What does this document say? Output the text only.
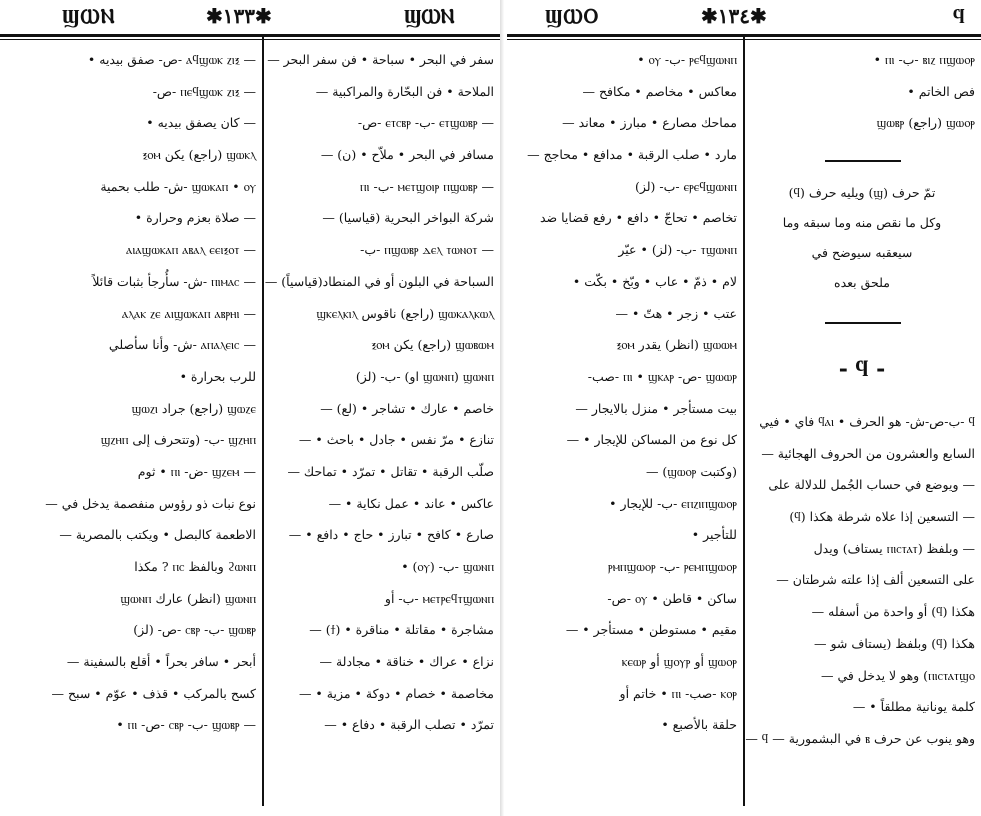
ϢⲰⲚ	✱١٣٣✱	ϢⲰⲚ
سفر في البحر • سباحة • فن سفر البحر —
الملاحة • فن البحّارة والمراكبية —
— ⲉⲧϣⲱⲃⲣ -ب- ⲉⲧⲥⲃⲣ -ص-
مسافر في البحر • ملاّح • (ن) —
— ⲙⲉⲧϣⲟⲓⲣ ⲡϣⲱⲃⲣ -ب- ⲡⲓ
شركة البواخر البحرية (قياسيا) —
— ⲡϣⲱⲃⲣ ⲇⲉⲗ ⲧⲱⲛⲟⲧ -ب-
السباحة في البلون أو في المنطاد(قياسياً) —
ϣⲱⲕⲁⲗⲕⲱⲗ (راجع) ناقوس ϣⲕⲉⲗⲕⲓⲗ
ϣⲱⲃⲱⲙ (راجع) يكن ⲝⲟⲙ
ϣⲱⲛⲡ (ϣⲱⲛⲡ او) -ب- (لز)
خاصم • عارك • تشاجر • (لع) —
تنازع • مرّ نفس • جادل • باحث • —
صلّب الرقبة • تقاتل • تمرّد • تماحك —
عاكس • عاند • عمل نكاية • —
صارع • كافح • تبارز • حاج • دافع • —
ϣⲱⲛⲡ -ب- (ⲟⲩ) •
ⲙⲉⲧⲣⲉϥⲧϣⲱⲛⲡ -ب- أو
مشاجرة • مقاتلة • مناقرة • (ϯ) —
نزاع • عراك • خناقة • مجادلة —
مخاصمة • خصام • دوكة • مزية • —
تمرّد • تصلب الرقبة • دفاع • —
— ⲁϥϣⲱⲕ ⲍⲓⲝ -ص- صفق بيديه •
— ⲡⲉϥϣⲱⲕ ⲍⲓⲝ -ص-
— كان يصفق بيديه •
ϣⲱⲕⲗ (راجع) يكن ⲝⲟⲙ
ϣⲱⲕⲁⲡ • ⲟⲩ -ش- طلب بحمية
— صلاة بعزم وحرارة •
— ⲁⲓⲁϣⲱⲕⲁⲡ ⲁⲃⲁⲗ ⲉⲉⲓⲝⲟⲧ
— ⲡⲓⲙⲁⲥ -ش- سأُرجأ بثبات قائلاً
— ⲁⲗⲁⲕ ⲍⲉ ⲁⲓϣⲱⲕⲁⲡ ⲁⲃⲣⲏⲓ
— ⲁⲡⲁⲗⲉⲓⲥ -ش- وأنا سأصلي
للرب بحرارة •
ϣⲱⲍⲉ (راجع) جراد ϣⲱⲍⲓ
ϣⲍⲏⲡ -ب- (وتتحرف إلى ϣⲍⲏⲡ
— ϣⲍⲉⲙ -ض- ⲡⲓ • ثوم
نوع نبات ذو رؤوس منفصمة يدخل في —
الاطعمة كالبصل • ويكتب بالمصرية —
ϩⲱⲛⲡ وبالفظ ⲡⲥ ? مكذا
ϣⲱⲛⲡ (انظر) عارك ϣⲱⲛⲡ
ϣⲱⲃⲣ -ب- ⲥⲃⲣ -ص- (لز)
أبحر • سافر بحراً • أقلع بالسفينة —
كسح بالمركب • قذف • عوّم • سبح —
— ϣⲱⲃⲣ -ب- ⲥⲃⲣ -ص- ⲡⲓ •
ϢⲰⲞ	✱١٣٤✱	ϥ
ⲣⲉϥϣⲱⲛⲡ -ب- ⲟⲩ •
معاكس • مخاصم • مكافح —
مماحك مصارع • مبارز • معاند —
مارد • صلب الرقبة • مدافع • محاجج —
ⲉⲣⲉϥϣⲱⲛⲡ -ب- (لز)
تخاصم • تحاجّ • دافع • رفع قضايا ضد
ⲧϣⲱⲛⲡ -ب- (لز) • عيّر
لام • ذمّ • عاب • وبّخ • بكّت •
عتب • زجر • هتّ • —
ϣⲱⲱⲙ (انظر) يقدر ⲝⲟⲙ
ϣⲱⲱⲣ -ص- ⲡⲓ • ϣⲕⲁⲣ -صب-
بيت مستأجر • منزل بالايجار —
كل نوع من المساكن للإيجار • —
(وكتبت ϣⲱⲟⲣ) —
ⲉⲡⲍⲓⲡϣⲱⲟⲣ -ب- للإيجار •
للتأجير •
ⲣⲉⲙⲡϣⲱⲟⲣ -ب- ⲣⲙⲡϣⲱⲟⲣ
ساكن • قاطن • ⲟⲩ -ص-
مقيم • مستوطن • مستأجر • —
ϣⲱⲟⲣ أو ϣⲟⲩⲣ أو ⲕⲉⲱⲣ
ⲕⲟⲣ -صب- ⲡⲓ • خاتم أو
حلقة بالأصبع •
ⲃⲓⲍ ⲡϣⲱⲟⲣ -ب- ⲡⲓ •
فص الخاتم •
ϣⲱⲟⲣ (راجع) ϣⲱⲃⲣ
تمّ حرف (ϣ) ويليه حرف (ϥ)
وكل ما نقص منه وما سبقه وما
سيعقبه سيوضح في
ملحق بعده
- ϥ -
ϥ -ب-ص-ش- هو الحرف • ϥⲁⲓ فاي • فيي
السابع والعشرون من الحروف الهجائية —
— ويوضع في حساب الجُمل للدلالة على
— التسعين إذا علاه شرطة هكذا (ϥ)
— وبلفظ (ⲡⲓⲥⲧⲁⲧ يستاف) ويدل
على التسعين ألف إذا علته شرطتان —
هكذا (ϥ) أو واحدة من أسفله —
هكذا (ϥ) وبلفظ (يستاف شو —
ⲡⲓⲥⲧⲁⲧϣⲟ) وهو لا يدخل في —
كلمة يونانية مطلقاً • —
وهو ينوب عن حرف ⲃ في البشمورية — ϥ —
